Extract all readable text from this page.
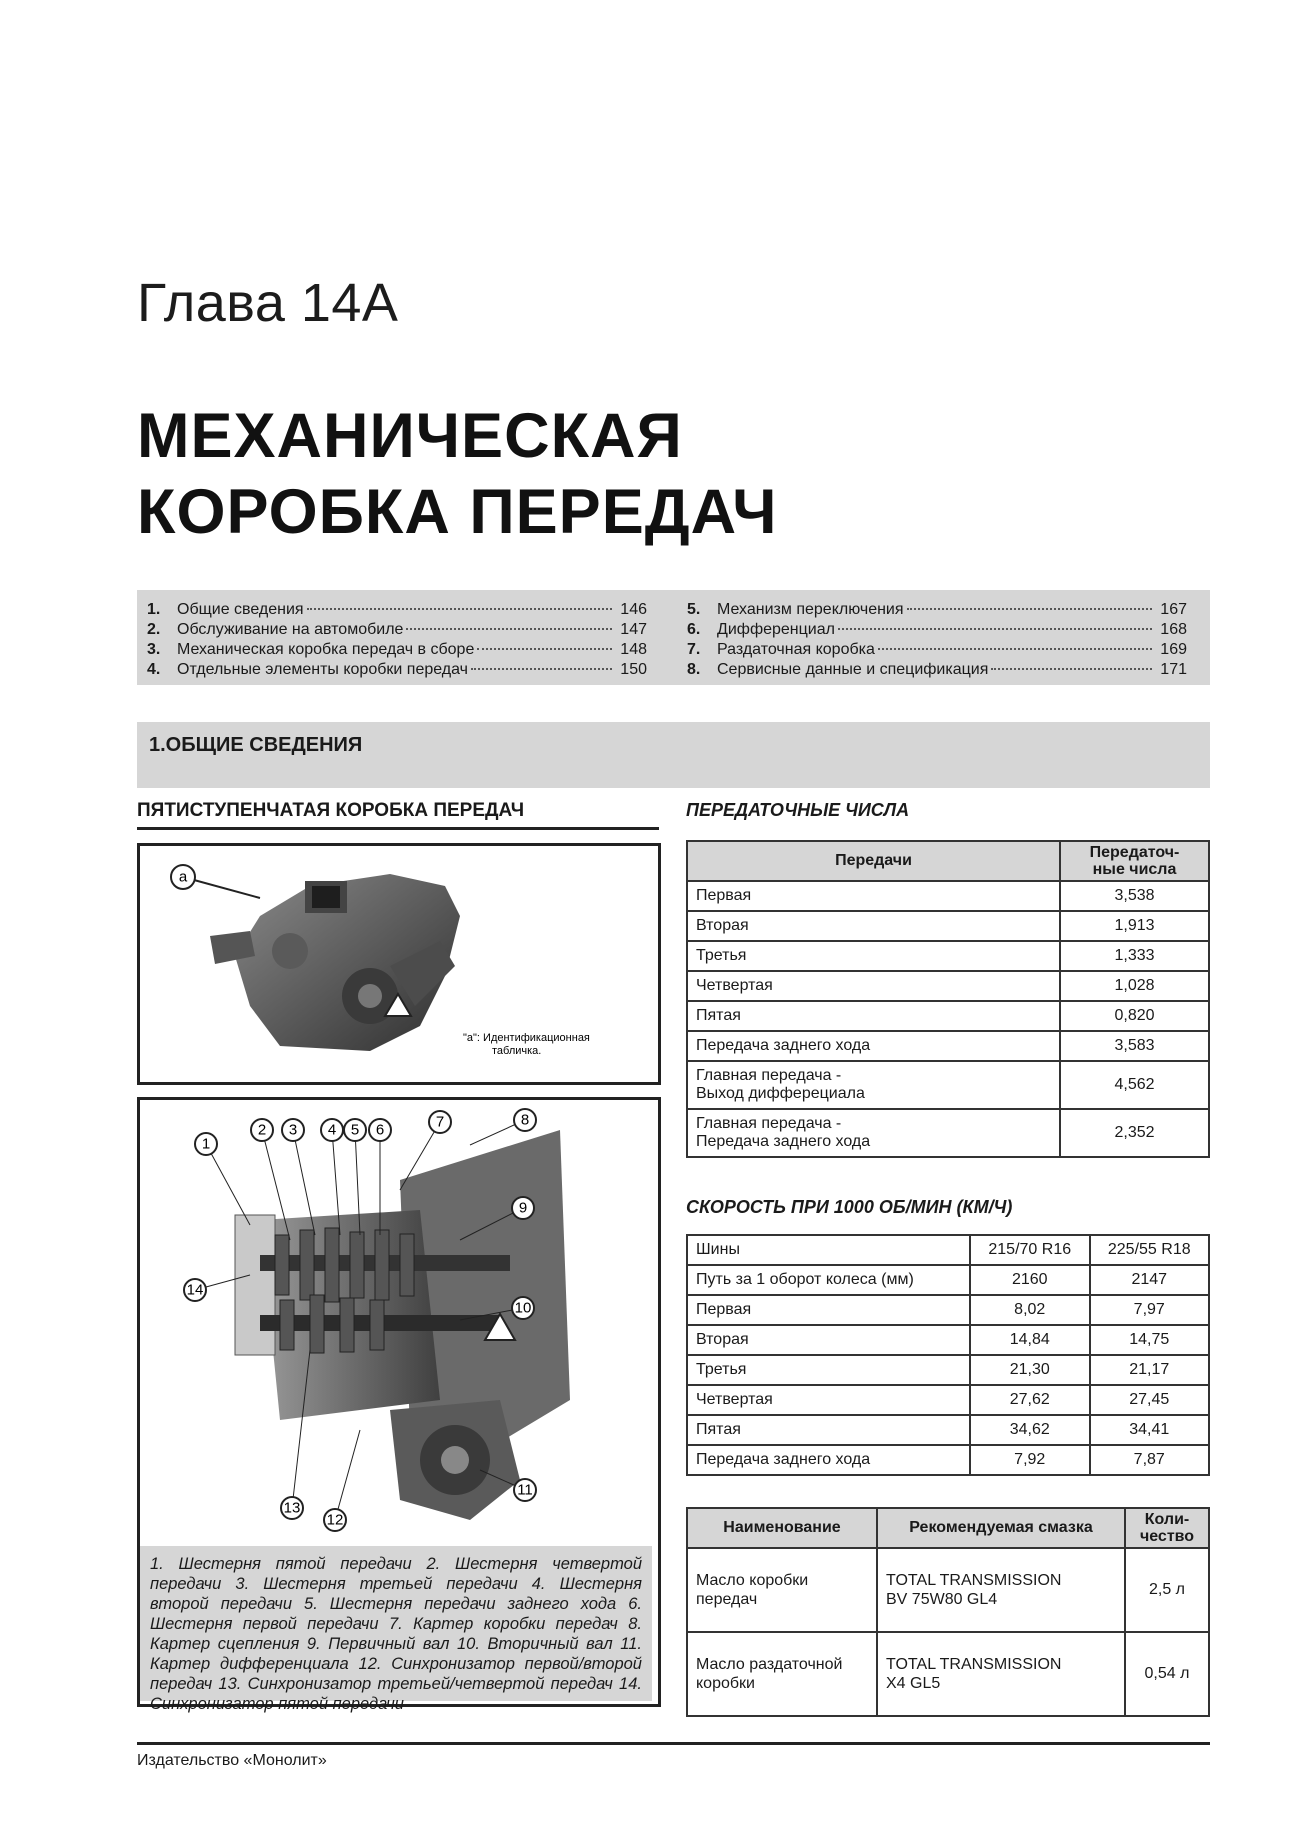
Глава 14А
МЕХАНИЧЕСКАЯ
КОРОБКА ПЕРЕДАЧ
1.	Общие сведения	146
2.	Обслуживание на автомобиле	147
3.	Механическая коробка передач в сборе	148
4.	Отдельные элементы коробки передач	150
5.	Механизм переключения	167
6.	Дифференциал	168
7.	Раздаточная коробка	169
8.	Сервисные данные и спецификация	171
1.ОБЩИЕ СВЕДЕНИЯ
ПЯТИСТУПЕНЧАТАЯ КОРОБКА ПЕРЕДАЧ
a
"a": Идентификационная
табличка.
1
2 3 4 5 6	7	8
9
10
11
12
13
14
1. Шестерня пятой передачи 2. Шестерня четвертой передачи 3. Шестерня третьей передачи 4. Шестерня второй передачи 5. Шестерня передачи заднего хода 6. Шестерня первой передачи 7. Картер коробки передач 8. Картер сцепления 9. Первичный вал 10. Вторичный вал 11. Картер дифференциала 12. Синхронизатор первой/второй передач 13. Синхронизатор третьей/четвертой передач 14. Синхронизатор пятой передачи
ПЕРЕДАТОЧНЫЕ ЧИСЛА
Передачи	Передаточ-
ные числа

Первая	3,538
Вторая	1,913
Третья	1,333
Четвертая	1,028
Пятая	0,820
Передача заднего хода	3,583
Главная передача -
Выход дифферециала	4,562
Главная передача -
Передача заднего хода	2,352
СКОРОСТЬ ПРИ 1000 ОБ/МИН (КМ/Ч)
Шины	215/70 R16	225/55 R18
Путь за 1 оборот колеса (мм)	2160	2147
Первая	8,02	7,97
Вторая	14,84	14,75
Третья	21,30	21,17
Четвертая	27,62	27,45
Пятая	34,62	34,41
Передача заднего хода	7,92	7,87
Наименование	Рекомендуемая смазка	Коли-
чество

Масло коробки
передач	TOTAL TRANSMISSION
BV 75W80 GL4	2,5 л
Масло раздаточной
коробки	TOTAL TRANSMISSION
X4 GL5	0,54 л
Издательство «Монолит»
